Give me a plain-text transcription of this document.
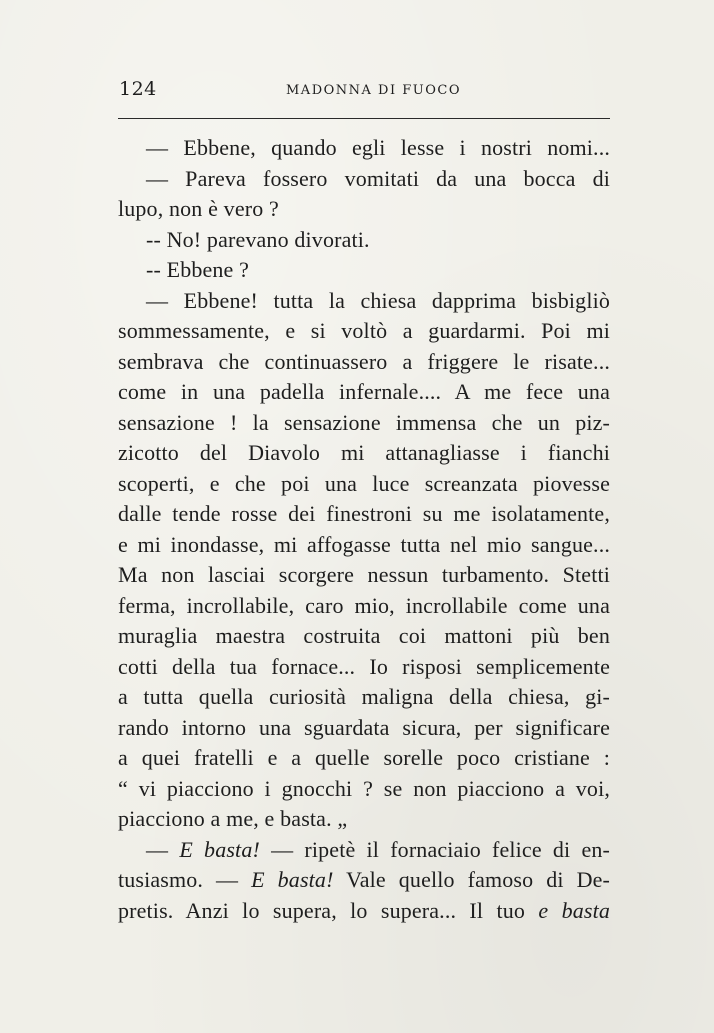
124	MADONNA DI FUOCO
— Ebbene, quando egli lesse i nostri nomi...
— Pareva fossero vomitati da una bocca di
lupo, non è vero ?
-- No! parevano divorati.
-- Ebbene ?
— Ebbene! tutta la chiesa dapprima bisbigliò
sommessamente, e si voltò a guardarmi. Poi mi
sembrava che continuassero a friggere le risate...
come in una padella infernale.... A me fece una
sensazione ! la sensazione immensa che un piz-
zicotto del Diavolo mi attanagliasse i fianchi
scoperti, e che poi una luce screanzata piovesse
dalle tende rosse dei finestroni su me isolatamente,
e mi inondasse, mi affogasse tutta nel mio sangue...
Ma non lasciai scorgere nessun turbamento. Stetti
ferma, incrollabile, caro mio, incrollabile come una
muraglia maestra costruita coi mattoni più ben
cotti della tua fornace... Io risposi semplicemente
a tutta quella curiosità maligna della chiesa, gi-
rando intorno una sguardata sicura, per significare
a quei fratelli e a quelle sorelle poco cristiane :
“ vi piacciono i gnocchi ? se non piacciono a voi,
piacciono a me, e basta. „
— E basta! — ripetè il fornaciaio felice di en-
tusiasmo. — E basta! Vale quello famoso di De-
pretis. Anzi lo supera, lo supera... Il tuo e basta
